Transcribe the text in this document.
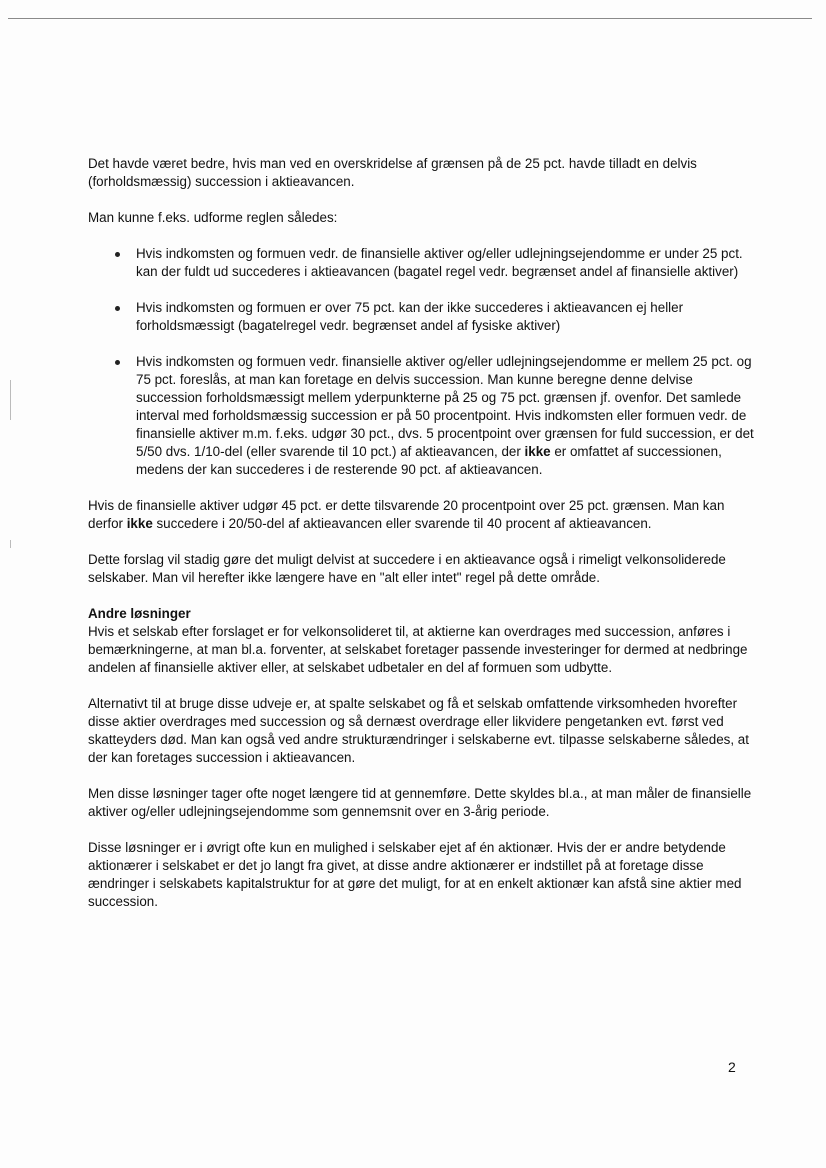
Det havde været bedre, hvis man ved en overskridelse af grænsen på de 25 pct. havde tilladt en delvis (forholdsmæssig) succession i aktieavancen.

Man kunne f.eks. udforme reglen således:

Hvis indkomsten og formuen vedr. de finansielle aktiver og/eller udlejningsejendomme er under 25 pct. kan der fuldt ud succederes i aktieavancen (bagatel regel vedr. begrænset andel af finansielle aktiver)
Hvis indkomsten og formuen er over 75 pct. kan der ikke succederes i aktieavancen ej heller forholdsmæssigt (bagatelregel vedr. begrænset andel af fysiske aktiver)
Hvis indkomsten og formuen vedr. finansielle aktiver og/eller udlejningsejendomme er mellem 25 pct. og 75 pct. foreslås, at man kan foretage en delvis succession. Man kunne beregne denne delvise succession forholdsmæssigt mellem yderpunkterne på 25 og 75 pct. grænsen jf. ovenfor. Det samlede interval med forholdsmæssig succession er på 50 procentpoint. Hvis indkomsten eller formuen vedr. de finansielle aktiver m.m. f.eks. udgør 30 pct., dvs. 5 procentpoint over grænsen for fuld succession, er det 5/50 dvs. 1/10-del (eller svarende til 10 pct.) af aktieavancen, der ikke er omfattet af successionen, medens der kan succederes i de resterende 90 pct. af aktieavancen.

Hvis de finansielle aktiver udgør 45 pct. er dette tilsvarende 20 procentpoint over 25 pct. grænsen. Man kan derfor ikke succedere i 20/50-del af aktieavancen eller svarende til 40 procent af aktieavancen.

Dette forslag vil stadig gøre det muligt delvist at succedere i en aktieavance også i rimeligt velkonsoliderede selskaber. Man vil herefter ikke længere have en "alt eller intet" regel på dette område.

Andre løsninger

Hvis et selskab efter forslaget er for velkonsolideret til, at aktierne kan overdrages med succession, anføres i bemærkningerne, at man bl.a. forventer, at selskabet foretager passende investeringer for dermed at nedbringe andelen af finansielle aktiver eller, at selskabet udbetaler en del af formuen som udbytte.

Alternativt til at bruge disse udveje er, at spalte selskabet og få et selskab omfattende virksomheden hvorefter disse aktier overdrages med succession og så dernæst overdrage eller likvidere pengetanken evt. først ved skatteyders død. Man kan også ved andre strukturændringer i selskaberne evt. tilpasse selskaberne således, at der kan foretages succession i aktieavancen.

Men disse løsninger tager ofte noget længere tid at gennemføre. Dette skyldes bl.a., at man måler de finansielle aktiver og/eller udlejningsejendomme som gennemsnit over en 3-årig periode.

Disse løsninger er i øvrigt ofte kun en mulighed i selskaber ejet af én aktionær. Hvis der er andre betydende aktionærer i selskabet er det jo langt fra givet, at disse andre aktionærer er indstillet på at foretage disse ændringer i selskabets kapitalstruktur for at gøre det muligt, for at en enkelt aktionær kan afstå sine aktier med succession.

2
